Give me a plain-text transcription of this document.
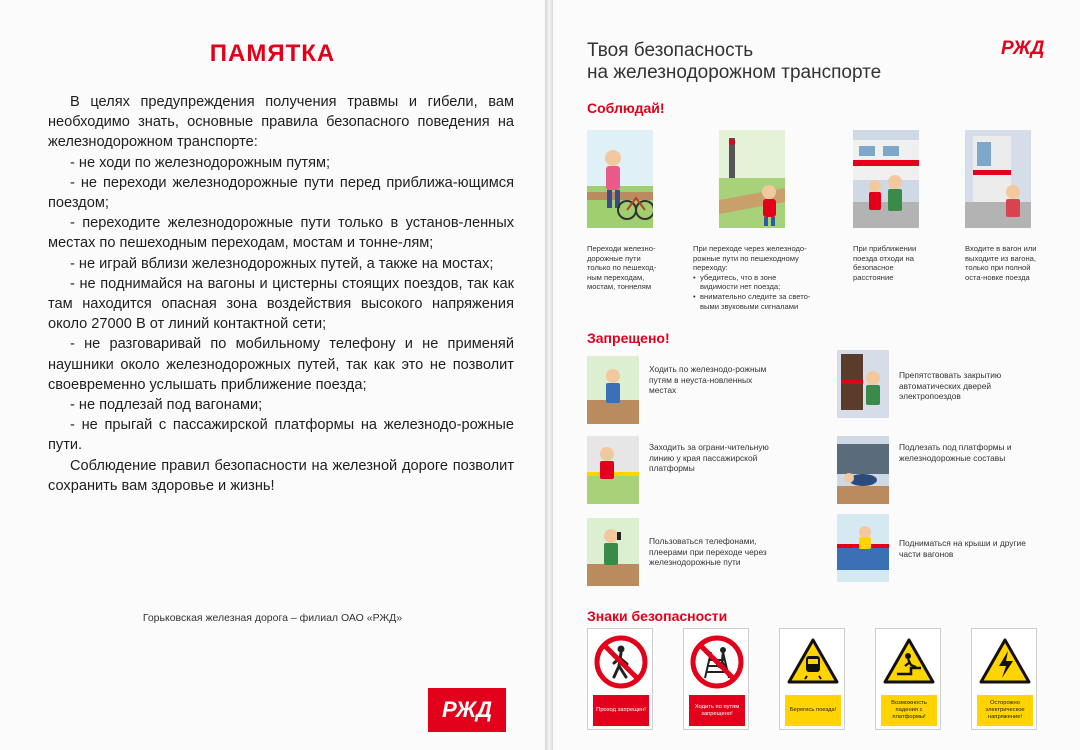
ПАМЯТКА

В целях предупреждения получения травмы и гибели, вам необходимо знать, основные правила безопасного поведения на железнодорожном транспорте:

- не ходи по железнодорожным путям;

- не переходи железнодорожные пути перед приближа-ющимся поездом;

- переходите железнодорожные пути только в установ-ленных местах по пешеходным переходам, мостам и тонне-лям;

- не играй вблизи железнодорожных путей, а также на мостах;

- не поднимайся на вагоны и цистерны стоящих поездов, так как там находится опасная зона воздействия высокого напряжения около 27000 В от линий контактной сети;

- не разговаривай по мобильному телефону и не применяй наушники около железнодорожных путей, так как это не позволит своевременно услышать приближение поезда;

- не подлезай под вагонами;

- не прыгай с пассажирской платформы на железнодо-рожные пути.

Соблюдение правил безопасности на железной дороге позволит сохранить вам здоровье и жизнь!

Горьковская железная дорога – филиал ОАО «РЖД»
РЖД
Твоя безопасность
на железнодорожном транспорте
РЖД
Соблюдай!
Переходи железно-дорожные пути только по пешеход-ным переходам, мостам, тоннелям
При переходе через железнодо-рожные пути по пешеходному переходу:
• убедитесь, что в зоне видимости нет поезда;
• внимательно следите за свето-выми звуковыми сигналами
При приближении поезда отходи на безопасное расстояние
Входите в вагон или выходите из вагона, только при полной оста-новке поезда
Запрещено!
Ходить по железнодо-рожным путям в неуста-новленных местах
Препятствовать закрытию автоматических дверей электропоездов
Заходить за ограни-чительную линию у края пассажирской платформы
Подлезать под платформы и железнодорожные составы
Пользоваться телефонами, плеерами при переходе через железнодорожные пути
Подниматься на крыши и другие части вагонов
Знаки безопасности
Проход запрещен!
Ходить по путям запрещено!
Берегись поезда!
Возможность падения с платформы!
Осторожно электрическое напряжение!
